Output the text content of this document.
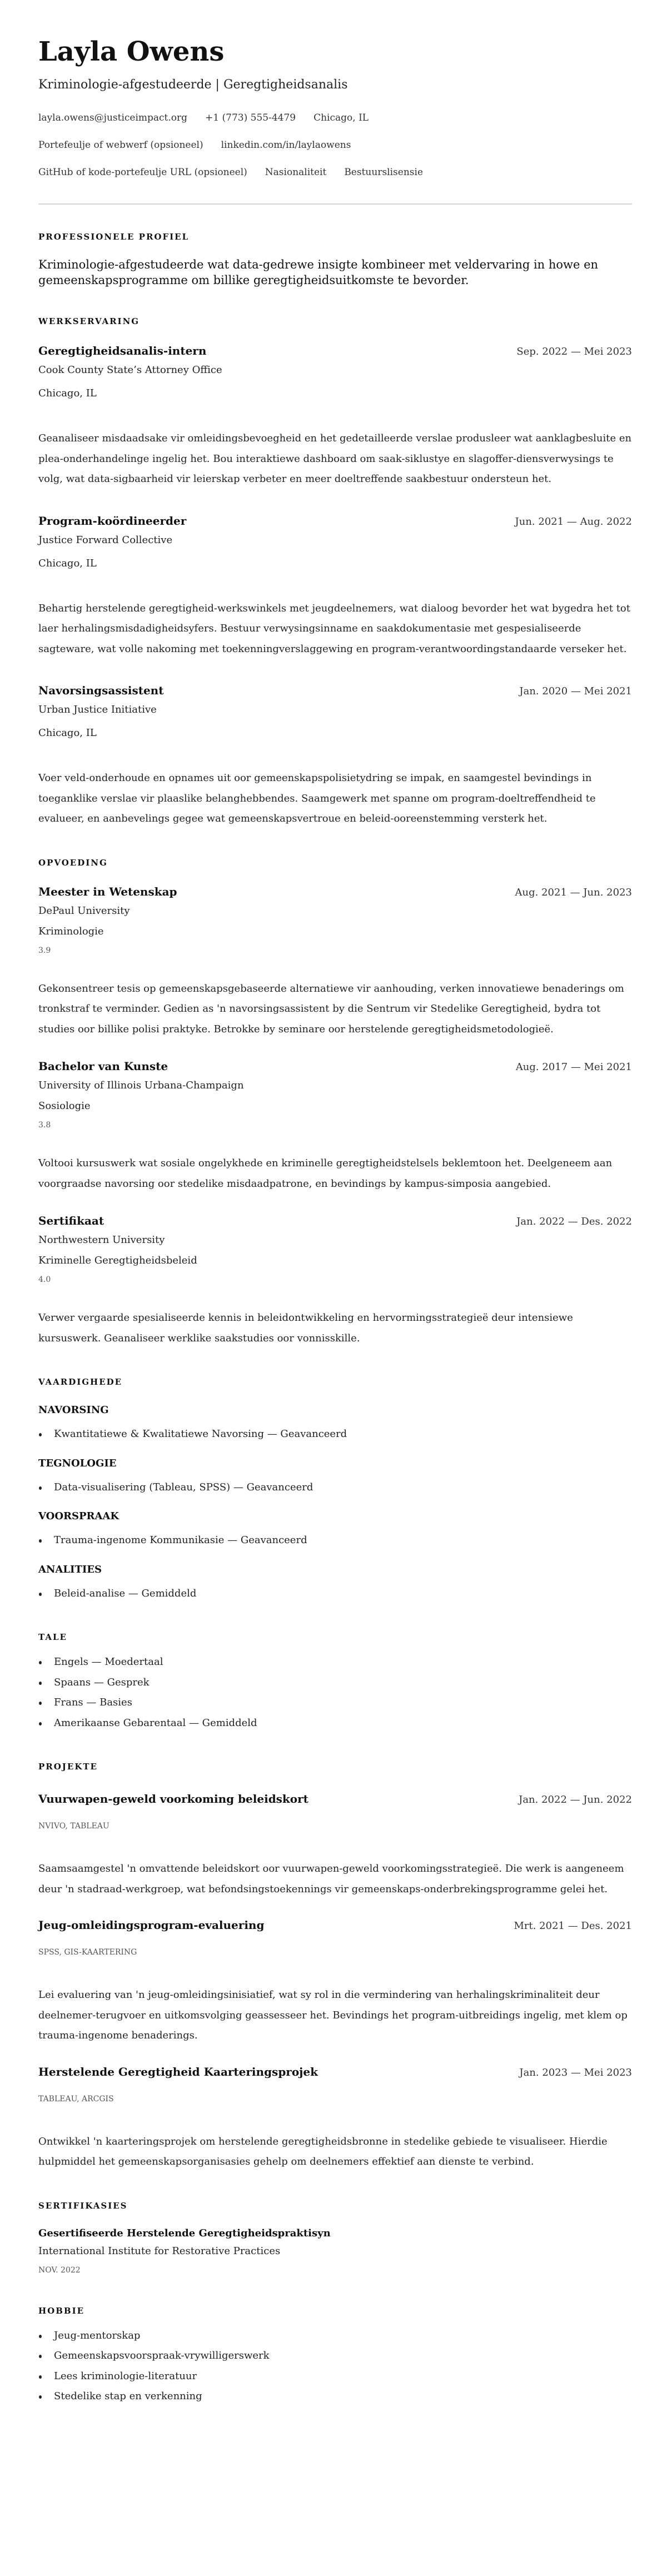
Layla Owens
Kriminologie-afgestudeerde | Geregtigheidsanalis
layla.owens@justiceimpact.org +1 (773) 555-4479 Chicago, IL
Portefeulje of webwerf (opsioneel) linkedin.com/in/laylaowens
GitHub of kode-portefeulje URL (opsioneel) Nasionaliteit Bestuurslisensie
PROFESSIONELE PROFIEL
Kriminologie-afgestudeerde wat data-gedrewe insigte kombineer met veldervaring in howe en gemeenskapsprogramme om billike geregtigheidsuitkomste te bevorder.
WERKSERVARING
Geregtigheidsanalis-intern	Sep. 2022 — Mei 2023
Cook County State’s Attorney Office
Chicago, IL
Geanaliseer misdaadsake vir omleidingsbevoegheid en het gedetailleerde verslae produsleer wat aanklagbesluite en plea-onderhandelinge ingelig het. Bou interaktiewe dashboard om saak-siklustye en slagoffer-diensverwysings te volg, wat data-sigbaarheid vir leierskap verbeter en meer doeltreffende saakbestuur ondersteun het.
Program-koördineerder	Jun. 2021 — Aug. 2022
Justice Forward Collective
Chicago, IL
Behartig herstelende geregtigheid-werkswinkels met jeugdeelnemers, wat dialoog bevorder het wat bygedra het tot laer herhalingsmisdadigheidsyfers. Bestuur verwysingsinname en saakdokumentasie met gespesialiseerde sagteware, wat volle nakoming met toekenningverslaggewing en program-verantwoordingstandaarde verseker het.
Navorsingsassistent	Jan. 2020 — Mei 2021
Urban Justice Initiative
Chicago, IL
Voer veld-onderhoude en opnames uit oor gemeenskapspolisietydring se impak, en saamgestel bevindings in toeganklike verslae vir plaaslike belanghebbendes. Saamgewerk met spanne om program-doeltreffendheid te evalueer, en aanbevelings gegee wat gemeenskapsvertroue en beleid-ooreenstemming versterk het.
OPVOEDING
Meester in Wetenskap	Aug. 2021 — Jun. 2023
DePaul University
Kriminologie
3.9
Gekonsentreer tesis op gemeenskapsgebaseerde alternatiewe vir aanhouding, verken innovatiewe benaderings om tronkstraf te verminder. Gedien as 'n navorsingsassistent by die Sentrum vir Stedelike Geregtigheid, bydra tot studies oor billike polisi praktyke. Betrokke by seminare oor herstelende geregtigheidsmetodologieë.
Bachelor van Kunste	Aug. 2017 — Mei 2021
University of Illinois Urbana-Champaign
Sosiologie
3.8
Voltooi kursuswerk wat sosiale ongelykhede en kriminelle geregtigheidstelsels beklemtoon het. Deelgeneem aan voorgraadse navorsing oor stedelike misdaadpatrone, en bevindings by kampus-simposia aangebied.
Sertifikaat	Jan. 2022 — Des. 2022
Northwestern University
Kriminelle Geregtigheidsbeleid
4.0
Verwer vergaarde spesialiseerde kennis in beleidontwikkeling en hervormingsstrategieë deur intensiewe kursuswerk. Geanaliseer werklike saakstudies oor vonnisskille.
VAARDIGHEDE
NAVORSING
Kwantitatiewe & Kwalitatiewe Navorsing — Geavanceerd
TEGNOLOGIE
Data-visualisering (Tableau, SPSS) — Geavanceerd
VOORSPRAAK
Trauma-ingenome Kommunikasie — Geavanceerd
ANALITIES
Beleid-analise — Gemiddeld
TALE
Engels — Moedertaal
Spaans — Gesprek
Frans — Basies
Amerikaanse Gebarentaal — Gemiddeld
PROJEKTE
Vuurwapen-geweld voorkoming beleidskort	Jan. 2022 — Jun. 2022
NVIVO, TABLEAU
Saamsaamgestel 'n omvattende beleidskort oor vuurwapen-geweld voorkomingsstrategieë. Die werk is aangeneem deur 'n stadraad-werkgroep, wat befondsingstoekennings vir gemeenskaps-onderbrekingsprogramme gelei het.
Jeug-omleidingsprogram-evaluering	Mrt. 2021 — Des. 2021
SPSS, GIS-KAARTERING
Lei evaluering van 'n jeug-omleidingsinisiatief, wat sy rol in die vermindering van herhalingskriminaliteit deur deelnemer-terugvoer en uitkomsvolging geassesseer het. Bevindings het program-uitbreidings ingelig, met klem op trauma-ingenome benaderings.
Herstelende Geregtigheid Kaarteringsprojek	Jan. 2023 — Mei 2023
TABLEAU, ARCGIS
Ontwikkel 'n kaarteringsprojek om herstelende geregtigheidsbronne in stedelike gebiede te visualiseer. Hierdie hulpmiddel het gemeenskapsorganisasies gehelp om deelnemers effektief aan dienste te verbind.
SERTIFIKASIES
Gesertifiseerde Herstelende Geregtigheidspraktisyn
International Institute for Restorative Practices
NOV. 2022
HOBBIE
Jeug-mentorskap
Gemeenskapsvoorspraak-vrywilligerswerk
Lees kriminologie-literatuur
Stedelike stap en verkenning
